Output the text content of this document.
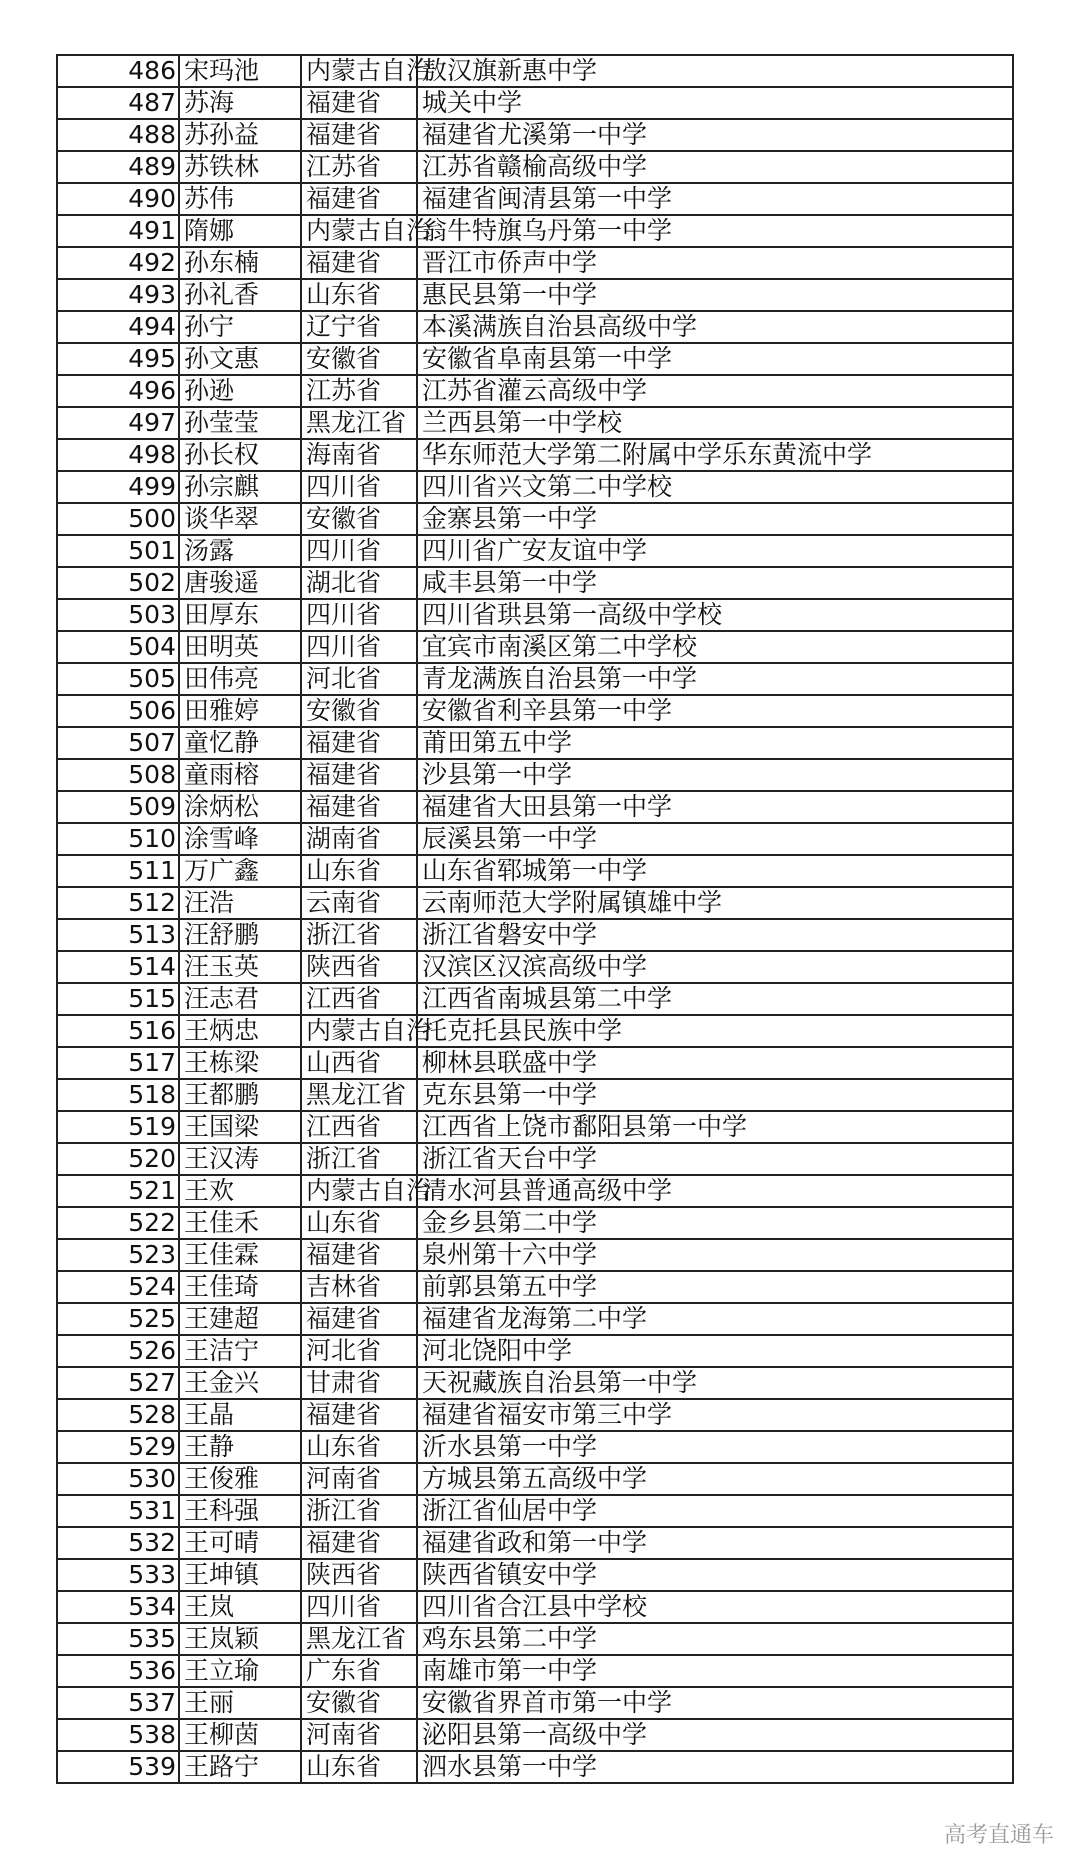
486	宋玛池	内蒙古自治	敖汉旗新惠中学
487	苏海	福建省	城关中学
488	苏孙益	福建省	福建省尤溪第一中学
489	苏铁林	江苏省	江苏省赣榆高级中学
490	苏伟	福建省	福建省闽清县第一中学
491	隋娜	内蒙古自治	翁牛特旗乌丹第一中学
492	孙东楠	福建省	晋江市侨声中学
493	孙礼香	山东省	惠民县第一中学
494	孙宁	辽宁省	本溪满族自治县高级中学
495	孙文惠	安徽省	安徽省阜南县第一中学
496	孙逊	江苏省	江苏省灌云高级中学
497	孙莹莹	黑龙江省	兰西县第一中学校
498	孙长权	海南省	华东师范大学第二附属中学乐东黄流中学
499	孙宗麒	四川省	四川省兴文第二中学校
500	谈华翠	安徽省	金寨县第一中学
501	汤露	四川省	四川省广安友谊中学
502	唐骏遥	湖北省	咸丰县第一中学
503	田厚东	四川省	四川省珙县第一高级中学校
504	田明英	四川省	宜宾市南溪区第二中学校
505	田伟亮	河北省	青龙满族自治县第一中学
506	田雅婷	安徽省	安徽省利辛县第一中学
507	童忆静	福建省	莆田第五中学
508	童雨榕	福建省	沙县第一中学
509	涂炳松	福建省	福建省大田县第一中学
510	涂雪峰	湖南省	辰溪县第一中学
511	万广鑫	山东省	山东省郓城第一中学
512	汪浩	云南省	云南师范大学附属镇雄中学
513	汪舒鹏	浙江省	浙江省磐安中学
514	汪玉英	陕西省	汉滨区汉滨高级中学
515	汪志君	江西省	江西省南城县第二中学
516	王炳忠	内蒙古自治	托克托县民族中学
517	王栋梁	山西省	柳林县联盛中学
518	王都鹏	黑龙江省	克东县第一中学
519	王国梁	江西省	江西省上饶市鄱阳县第一中学
520	王汉涛	浙江省	浙江省天台中学
521	王欢	内蒙古自治	清水河县普通高级中学
522	王佳禾	山东省	金乡县第二中学
523	王佳霖	福建省	泉州第十六中学
524	王佳琦	吉林省	前郭县第五中学
525	王建超	福建省	福建省龙海第二中学
526	王洁宁	河北省	河北饶阳中学
527	王金兴	甘肃省	天祝藏族自治县第一中学
528	王晶	福建省	福建省福安市第三中学
529	王静	山东省	沂水县第一中学
530	王俊雅	河南省	方城县第五高级中学
531	王科强	浙江省	浙江省仙居中学
532	王可晴	福建省	福建省政和第一中学
533	王坤镇	陕西省	陕西省镇安中学
534	王岚	四川省	四川省合江县中学校
535	王岚颖	黑龙江省	鸡东县第二中学
536	王立瑜	广东省	南雄市第一中学
537	王丽	安徽省	安徽省界首市第一中学
538	王柳茵	河南省	泌阳县第一高级中学
539	王路宁	山东省	泗水县第一中学
高考直通车
